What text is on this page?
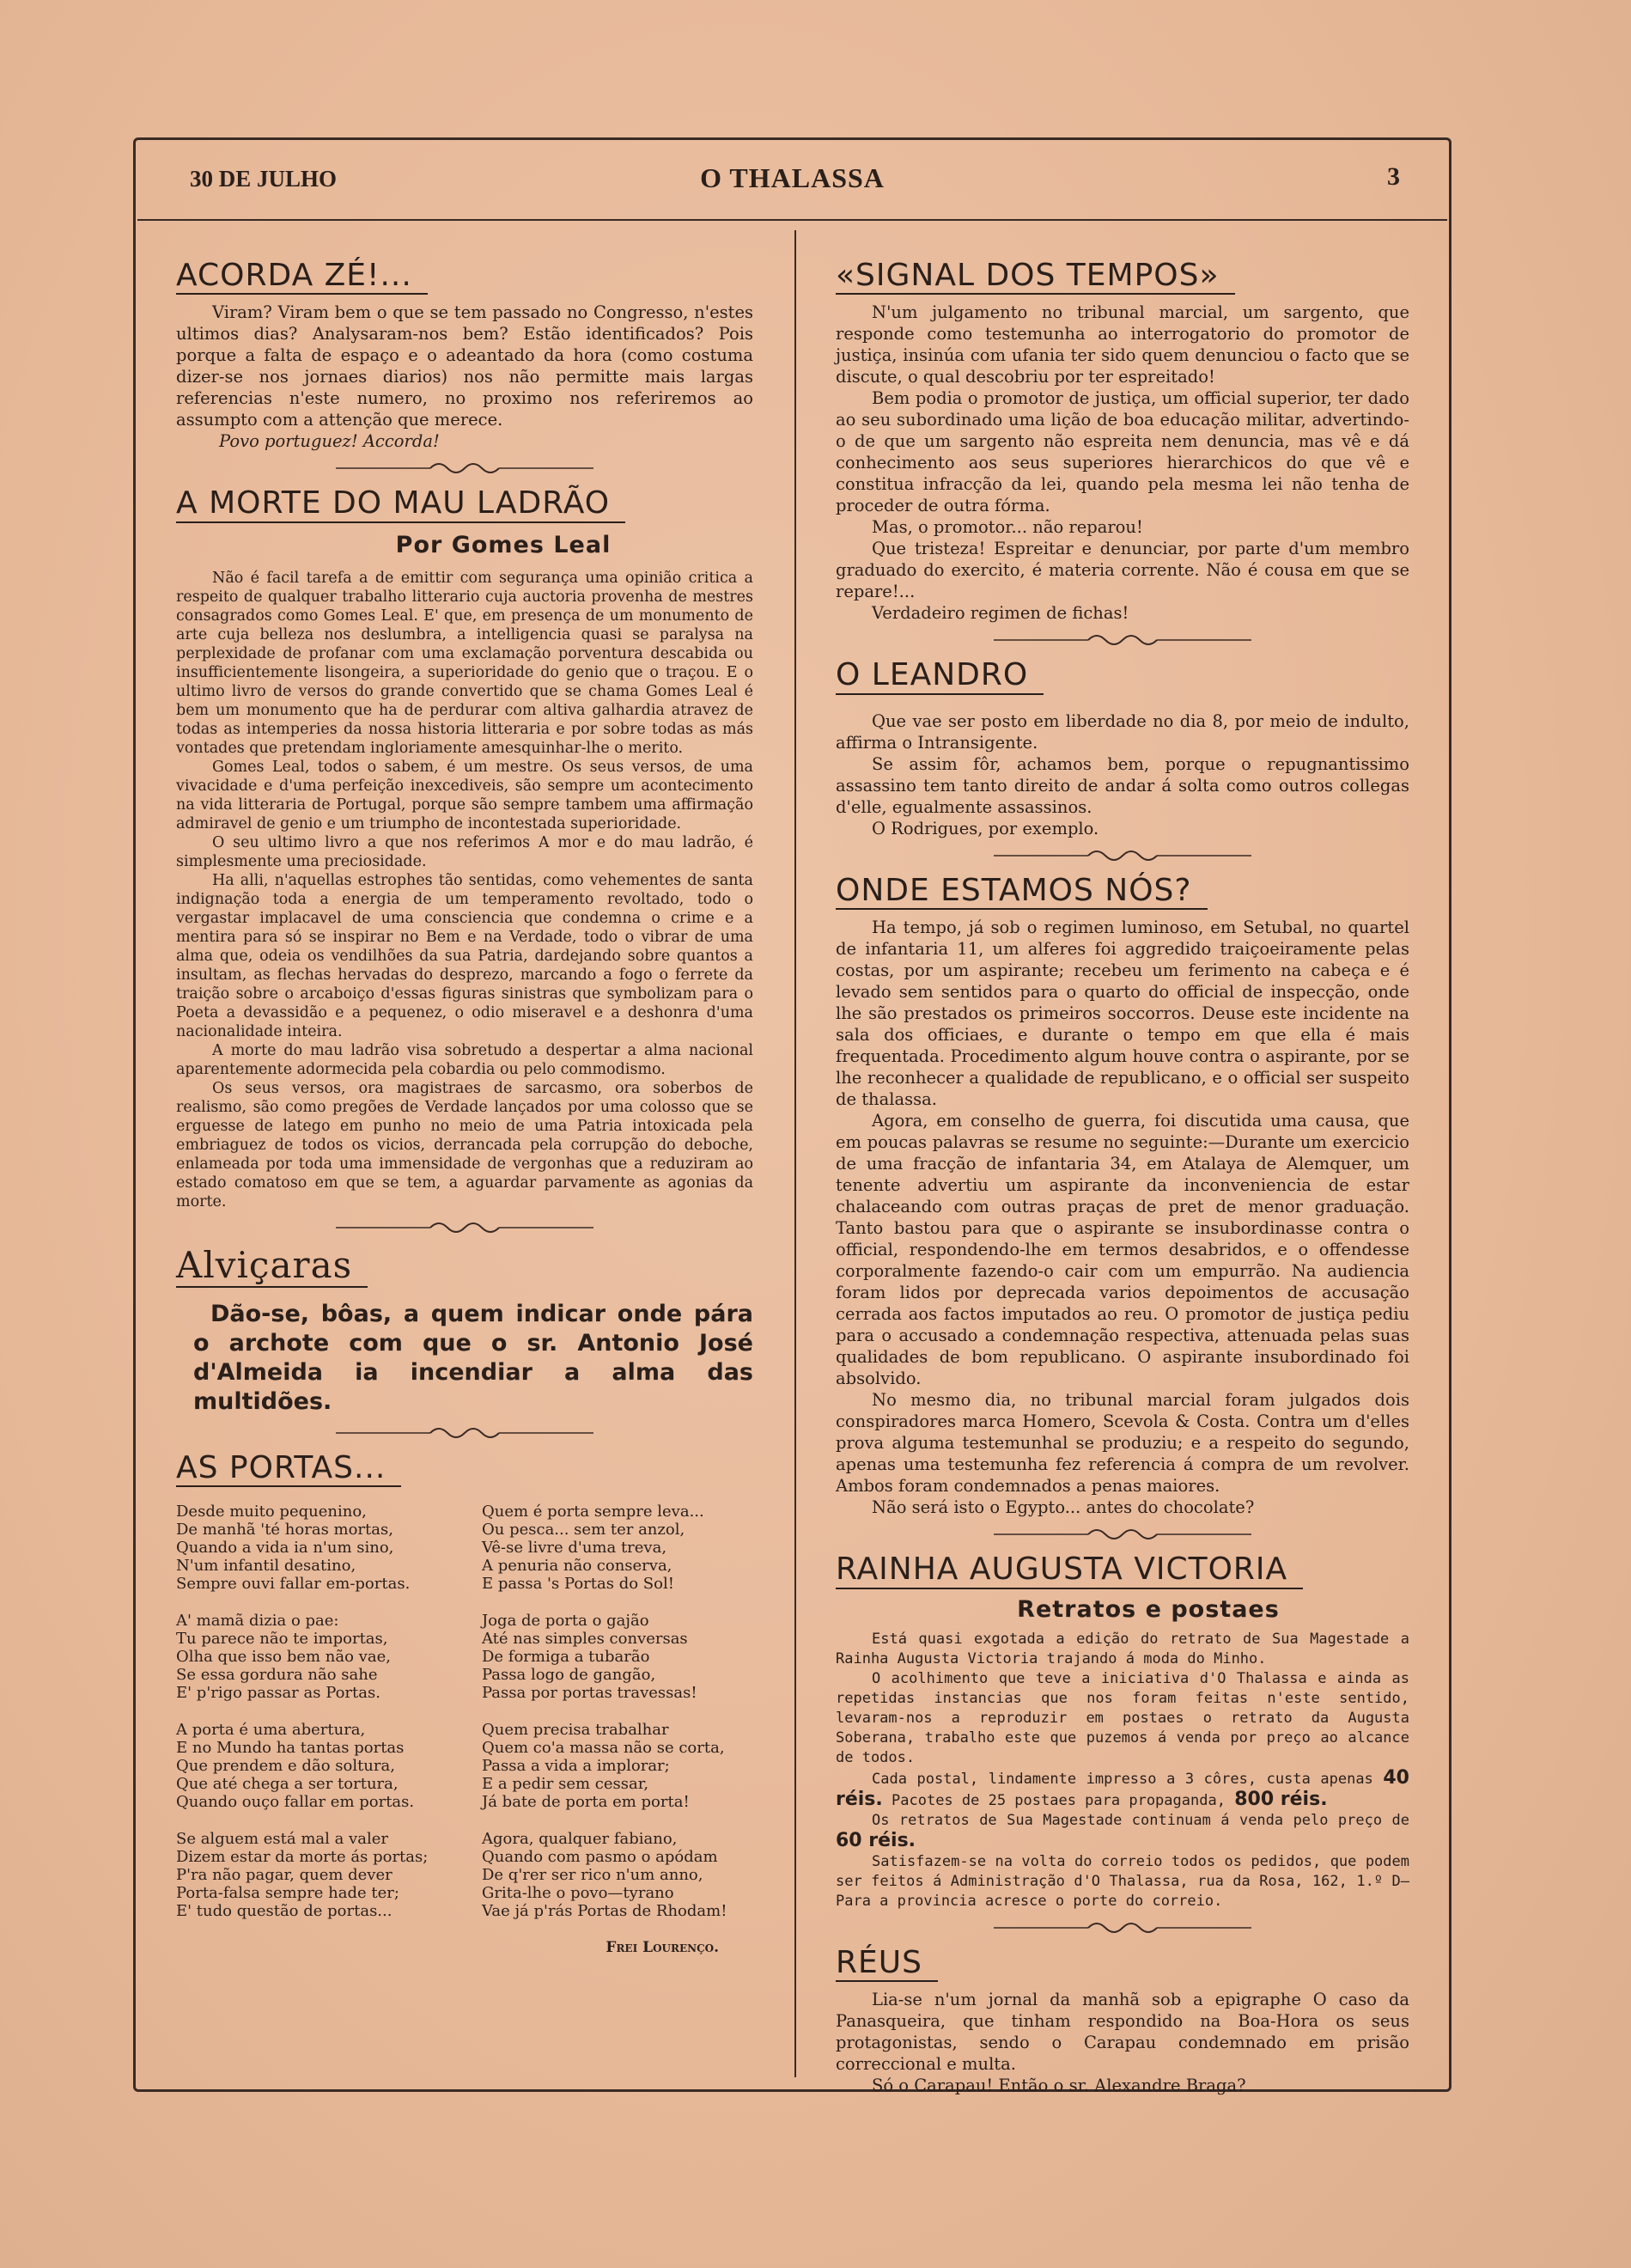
30 DE JULHO	O THALASSA	3
ACORDA ZÉ!...

Viram? Viram bem o que se tem passado no Congresso, n'estes ultimos dias? Analysaram-nos bem? Estão identificados? Pois porque a falta de espaço e o adeantado da hora (como costuma dizer-se nos jornaes diarios) nos não permitte mais largas referencias n'este numero, no proximo nos referiremos ao assumpto com a attenção que merece.

Povo portuguez! Accorda!

A MORTE DO MAU LADRÃO
Por Gomes Leal

Não é facil tarefa a de emittir com segurança uma opinião critica a respeito de qualquer trabalho litterario cuja auctoria provenha de mestres consagrados como Gomes Leal. E' que, em presença de um monumento de arte cuja belleza nos deslumbra, a intelligencia quasi se paralysa na perplexidade de profanar com uma exclamação porventura descabida ou insufficientemente lisongeira, a superioridade do genio que o traçou. E o ultimo livro de versos do grande convertido que se chama Gomes Leal é bem um monumento que ha de perdurar com altiva galhardia atravez de todas as intemperies da nossa historia litteraria e por sobre todas as más vontades que pretendam ingloriamente amesquinhar-lhe o merito.

Gomes Leal, todos o sabem, é um mestre. Os seus versos, de uma vivacidade e d'uma perfeição inexcediveis, são sempre um acontecimento na vida litteraria de Portugal, porque são sempre tambem uma affirmação admiravel de genio e um triumpho de incontestada superioridade.

O seu ultimo livro a que nos referimos A mor e do mau ladrão, é simplesmente uma preciosidade.

Ha alli, n'aquellas estrophes tão sentidas, como vehementes de santa indignação toda a energia de um temperamento revoltado, todo o vergastar implacavel de uma consciencia que condemna o crime e a mentira para só se inspirar no Bem e na Verdade, todo o vibrar de uma alma que, odeia os vendilhões da sua Patria, dardejando sobre quantos a insultam, as flechas hervadas do desprezo, marcando a fogo o ferrete da traição sobre o arcaboiço d'essas figuras sinistras que symbolizam para o Poeta a devassidão e a pequenez, o odio miseravel e a deshonra d'uma nacionalidade inteira.

A morte do mau ladrão visa sobretudo a despertar a alma nacional aparentemente adormecida pela cobardia ou pelo commodismo.

Os seus versos, ora magistraes de sarcasmo, ora soberbos de realismo, são como pregões de Verdade lançados por uma colosso que se erguesse de latego em punho no meio de uma Patria intoxicada pela embriaguez de todos os vicios, derrancada pela corrupção do deboche, enlameada por toda uma immensidade de vergonhas que a reduziram ao estado comatoso em que se tem, a aguardar parvamente as agonias da morte.

Alviçaras
Dão-se, bôas, a quem indicar onde pára o archote com que o sr. Antonio José d'Almeida ia incendiar a alma das multidões.
AS PORTAS...
Desde muito pequenino,
De manhã 'té horas mortas,
Quando a vida ia n'um sino,
N'um infantil desatino,
Sempre ouvi fallar em-portas.
A' mamã dizia o pae:
Tu parece não te importas,
Olha que isso bem não vae,
Se essa gordura não sahe
E' p'rigo passar as Portas.
A porta é uma abertura,
E no Mundo ha tantas portas
Que prendem e dão soltura,
Que até chega a ser tortura,
Quando ouço fallar em portas.
Se alguem está mal a valer
Dizem estar da morte ás portas;
P'ra não pagar, quem dever
Porta-falsa sempre hade ter;
E' tudo questão de portas...
Quem é porta sempre leva...
Ou pesca... sem ter anzol,
Vê-se livre d'uma treva,
A penuria não conserva,
E passa 's Portas do Sol!
Joga de porta o gajão
Até nas simples conversas
De formiga a tubarão
Passa logo de gangão,
Passa por portas travessas!
Quem precisa trabalhar
Quem co'a massa não se corta,
Passa a vida a implorar;
E a pedir sem cessar,
Já bate de porta em porta!
Agora, qualquer fabiano,
Quando com pasmo o apódam
De q'rer ser rico n'um anno,
Grita-lhe o povo—tyrano
Vae já p'rás Portas de Rhodam!
Frei Lourenço.
«SIGNAL DOS TEMPOS»

N'um julgamento no tribunal marcial, um sargento, que responde como testemunha ao interrogatorio do promotor de justiça, insinúa com ufania ter sido quem denunciou o facto que se discute, o qual descobriu por ter espreitado!

Bem podia o promotor de justiça, um official superior, ter dado ao seu subordinado uma lição de boa educação militar, advertindo-o de que um sargento não espreita nem denuncia, mas vê e dá conhecimento aos seus superiores hierarchicos do que vê e constitua infracção da lei, quando pela mesma lei não tenha de proceder de outra fórma.

Mas, o promotor... não reparou!

Que tristeza! Espreitar e denunciar, por parte d'um membro graduado do exercito, é materia corrente. Não é cousa em que se repare!...

Verdadeiro regimen de fichas!

O LEANDRO

Que vae ser posto em liberdade no dia 8, por meio de indulto, affirma o Intransigente.

Se assim fôr, achamos bem, porque o repugnantissimo assassino tem tanto direito de andar á solta como outros collegas d'elle, egualmente assassinos.

O Rodrigues, por exemplo.

ONDE ESTAMOS NÓS?

Ha tempo, já sob o regimen luminoso, em Setubal, no quartel de infantaria 11, um alferes foi aggredido traiçoeiramente pelas costas, por um aspirante; recebeu um ferimento na cabeça e é levado sem sentidos para o quarto do official de inspecção, onde lhe são prestados os primeiros soccorros. Deuse este incidente na sala dos officiaes, e durante o tempo em que ella é mais frequentada. Procedimento algum houve contra o aspirante, por se lhe reconhecer a qualidade de republicano, e o official ser suspeito de thalassa.

Agora, em conselho de guerra, foi discutida uma causa, que em poucas palavras se resume no seguinte:—Durante um exercicio de uma fracção de infantaria 34, em Atalaya de Alemquer, um tenente advertiu um aspirante da inconveniencia de estar chalaceando com outras praças de pret de menor graduação. Tanto bastou para que o aspirante se insubordinasse contra o official, respondendo-lhe em termos desabridos, e o offendesse corporalmente fazendo-o cair com um empurrão. Na audiencia foram lidos por deprecada varios depoimentos de accusação cerrada aos factos imputados ao reu. O promotor de justiça pediu para o accusado a condemnação respectiva, attenuada pelas suas qualidades de bom republicano. O aspirante insubordinado foi absolvido.

No mesmo dia, no tribunal marcial foram julgados dois conspiradores marca Homero, Scevola & Costa. Contra um d'elles prova alguma testemunhal se produziu; e a respeito do segundo, apenas uma testemunha fez referencia á compra de um revolver. Ambos foram condemnados a penas maiores.

Não será isto o Egypto... antes do chocolate?

RAINHA AUGUSTA VICTORIA
Retratos e postaes

Está quasi exgotada a edição do retrato de Sua Magestade a Rainha Augusta Victoria trajando á moda do Minho.

O acolhimento que teve a iniciativa d'O Thalassa e ainda as repetidas instancias que nos foram feitas n'este sentido, levaram-nos a reproduzir em postaes o retrato da Augusta Soberana, trabalho este que puzemos á venda por preço ao alcance de todos.

Cada postal, lindamente impresso a 3 côres, custa apenas 40 réis. Pacotes de 25 postaes para propaganda, 800 réis.

Os retratos de Sua Magestade continuam á venda pelo preço de 60 réis.

Satisfazem-se na volta do correio todos os pedidos, que podem ser feitos á Administração d'O Thalassa, rua da Rosa, 162, 1.º D—Para a provincia acresce o porte do correio.

RÉUS

Lia-se n'um jornal da manhã sob a epigraphe O caso da Panasqueira, que tinham respondido na Boa-Hora os seus protagonistas, sendo o Carapau condemnado em prisão correccional e multa.

Só o Carapau! Então o sr. Alexandre Braga?
